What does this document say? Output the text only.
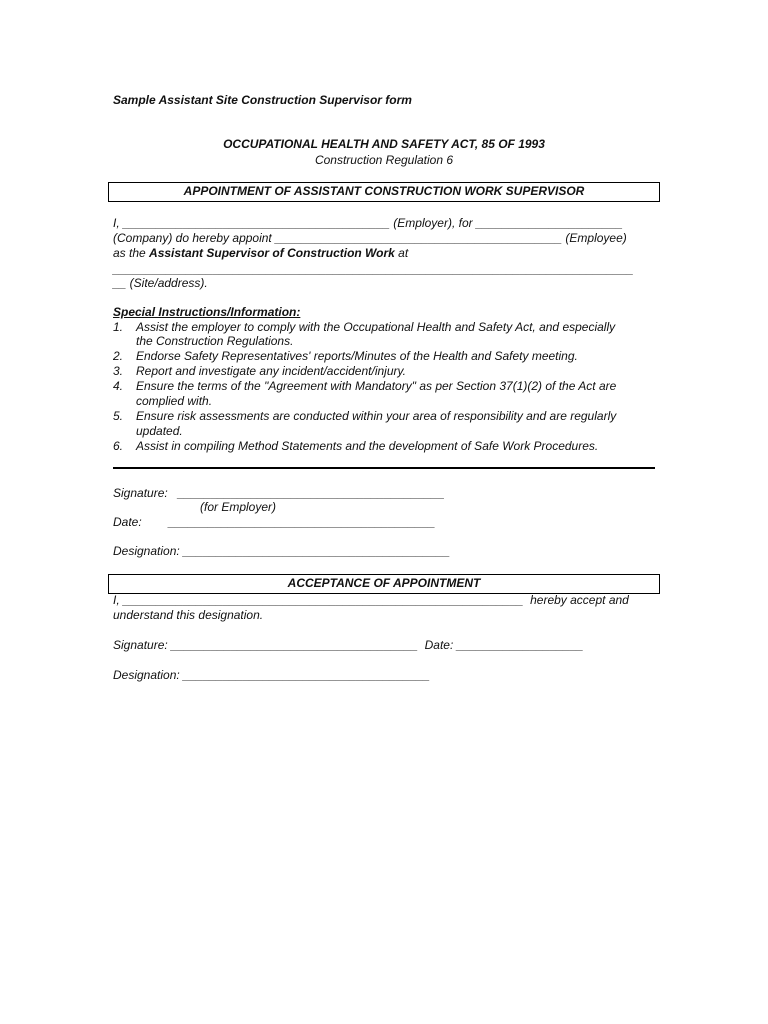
Sample Assistant Site Construction Supervisor form
OCCUPATIONAL HEALTH AND SAFETY ACT, 85 OF 1993
Construction Regulation 6
APPOINTMENT OF ASSISTANT CONSTRUCTION WORK SUPERVISOR
I, ________________________________________ (Employer), for ______________________
(Company) do hereby appoint ___________________________________________ (Employee)
as the Assistant Supervisor of Construction Work at
______________________________________________________________________________
__ (Site/address).
Special Instructions/Information:
1. Assist the employer to comply with the Occupational Health and Safety Act, and especially
the Construction Regulations.
2. Endorse Safety Representatives' reports/Minutes of the Health and Safety meeting.
3. Report and investigate any incident/accident/injury.
4. Ensure the terms of the "Agreement with Mandatory" as per Section 37(1)(2) of the Act are
complied with.
5. Ensure risk assessments are conducted within your area of responsibility and are regularly
updated.
6. Assist in compiling Method Statements and the development of Safe Work Procedures.
Signature:   ________________________________________
(for Employer)
Date:        ________________________________________
Designation: ________________________________________
ACCEPTANCE OF APPOINTMENT
I, ____________________________________________________________  hereby accept and
understand this designation.
Signature: _____________________________________  Date: ___________________
Designation: _____________________________________
